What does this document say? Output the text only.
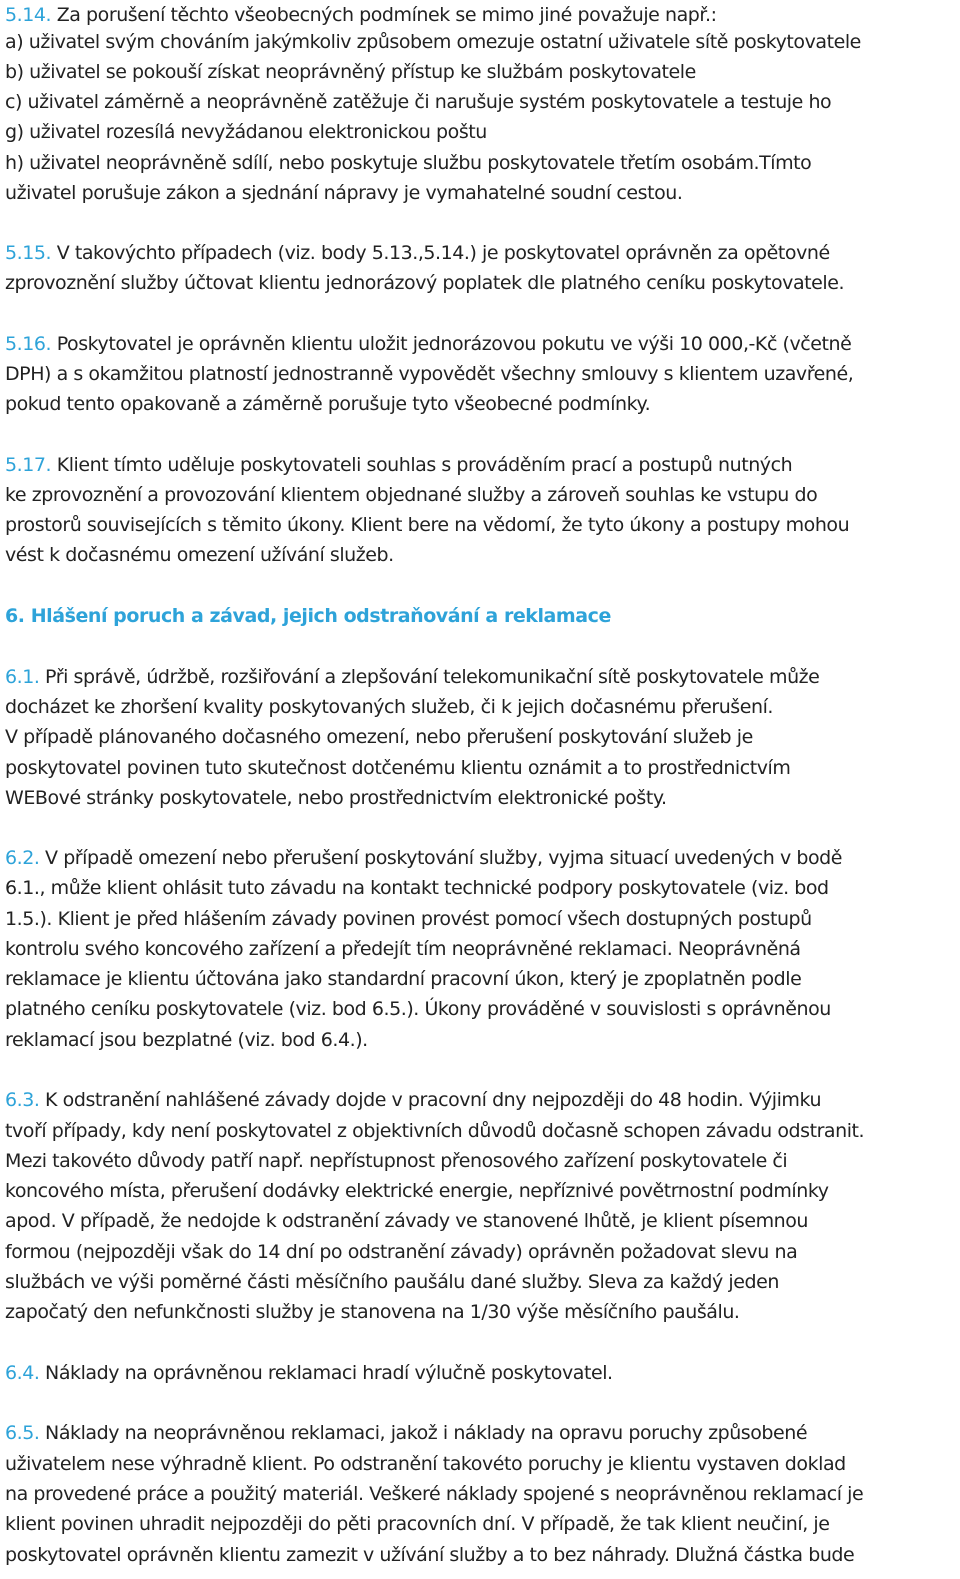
5.14. Za porušení těchto všeobecných podmínek se mimo jiné považuje např.:
a) uživatel svým chováním jakýmkoliv způsobem omezuje ostatní uživatele sítě poskytovatele
b) uživatel se pokouší získat neoprávněný přístup ke službám poskytovatele
c) uživatel záměrně a neoprávněně zatěžuje či narušuje systém poskytovatele a testuje ho
g) uživatel rozesílá nevyžádanou elektronickou poštu
h) uživatel neoprávněně sdílí, nebo poskytuje službu poskytovatele třetím osobám.Tímto
uživatel porušuje zákon a sjednání nápravy je vymahatelné soudní cestou.
5.15. V takovýchto případech (viz. body 5.13.,5.14.) je poskytovatel oprávněn za opětovné
zprovoznění služby účtovat klientu jednorázový poplatek dle platného ceníku poskytovatele.
5.16. Poskytovatel je oprávněn klientu uložit jednorázovou pokutu ve výši 10 000,-Kč (včetně
DPH) a s okamžitou platností jednostranně vypovědět všechny smlouvy s klientem uzavřené,
pokud tento opakovaně a záměrně porušuje tyto všeobecné podmínky.
5.17. Klient tímto uděluje poskytovateli souhlas s prováděním prací a postupů nutných
ke zprovoznění a provozování klientem objednané služby a zároveň souhlas ke vstupu do
prostorů souvisejících s těmito úkony. Klient bere na vědomí, že tyto úkony a postupy mohou
vést k dočasnému omezení užívání služeb.
6. Hlášení poruch a závad, jejich odstraňování a reklamace
6.1. Při správě, údržbě, rozšiřování a zlepšování telekomunikační sítě poskytovatele může
docházet ke zhoršení kvality poskytovaných služeb, či k jejich dočasnému přerušení.
V případě plánovaného dočasného omezení, nebo přerušení poskytování služeb je
poskytovatel povinen tuto skutečnost dotčenému klientu oznámit a to prostřednictvím
WEBové stránky poskytovatele, nebo prostřednictvím elektronické pošty.
6.2. V případě omezení nebo přerušení poskytování služby, vyjma situací uvedených v bodě
6.1., může klient ohlásit tuto závadu na kontakt technické podpory poskytovatele (viz. bod
1.5.). Klient je před hlášením závady povinen provést pomocí všech dostupných postupů
kontrolu svého koncového zařízení a předejít tím neoprávněné reklamaci. Neoprávněná
reklamace je klientu účtována jako standardní pracovní úkon, který je zpoplatněn podle
platného ceníku poskytovatele (viz. bod 6.5.). Úkony prováděné v souvislosti s oprávněnou
reklamací jsou bezplatné (viz. bod 6.4.).
6.3. K odstranění nahlášené závady dojde v pracovní dny nejpozději do 48 hodin. Výjimku
tvoří případy, kdy není poskytovatel z objektivních důvodů dočasně schopen závadu odstranit.
Mezi takovéto důvody patří např. nepřístupnost přenosového zařízení poskytovatele či
koncového místa, přerušení dodávky elektrické energie, nepříznivé povětrnostní podmínky
apod. V případě, že nedojde k odstranění závady ve stanovené lhůtě, je klient písemnou
formou (nejpozději však do 14 dní po odstranění závady) oprávněn požadovat slevu na
službách ve výši poměrné části měsíčního paušálu dané služby. Sleva za každý jeden
započatý den nefunkčnosti služby je stanovena na 1/30 výše měsíčního paušálu.
6.4. Náklady na oprávněnou reklamaci hradí výlučně poskytovatel.
6.5. Náklady na neoprávněnou reklamaci, jakož i náklady na opravu poruchy způsobené
uživatelem nese výhradně klient. Po odstranění takovéto poruchy je klientu vystaven doklad
na provedené práce a použitý materiál. Veškeré náklady spojené s neoprávněnou reklamací je
klient povinen uhradit nejpozději do pěti pracovních dní. V případě, že tak klient neučiní, je
poskytovatel oprávněn klientu zamezit v užívání služby a to bez náhrady. Dlužná částka bude
